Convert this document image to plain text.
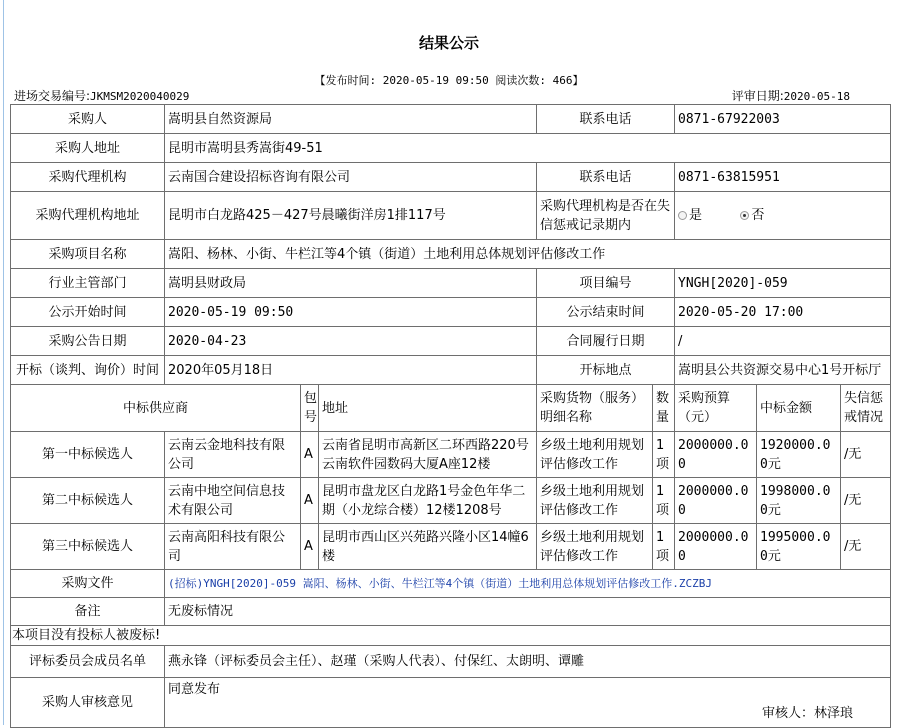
结果公示
【发布时间: 2020-05-19 09:50 阅读次数: 466】
进场交易编号:JKMSM2020040029	评审日期:2020-05-18
采购人	嵩明县自然资源局			联系电话		0871-67922003		
采购人地址	昆明市嵩明县秀嵩街49-51							
采购代理机构	云南国合建设招标咨询有限公司			联系电话		0871-63815951		
采购代理机构地址	昆明市白龙路425－427号晨曦街洋房1排117号			采购代理机构是否在失信惩戒记录期内		是 否		
采购项目名称	嵩阳、杨林、小街、牛栏江等4个镇（街道）土地利用总体规划评估修改工作							
行业主管部门	嵩明县财政局			项目编号		YNGH[2020]-059		
公示开始时间	2020-05-19 09:50			公示结束时间		2020-05-20 17:00		
采购公告日期	2020-04-23			合同履行日期		/		
开标（谈判、询价）时间	2020年05月18日			开标地点		嵩明县公共资源交易中心1号开标厅		
中标供应商		包号	地址	采购货物（服务）明细名称	数量	采购预算（元）	中标金额	失信惩戒情况
第一中标候选人	云南云金地科技有限公司	A	云南省昆明市高新区二环西路220号云南软件园数码大厦A座12楼	乡级土地利用规划评估修改工作	1项	2000000.00	1920000.00元	/无
第二中标候选人	云南中地空间信息技术有限公司	A	昆明市盘龙区白龙路1号金色年华二期（小龙综合楼）12楼1208号	乡级土地利用规划评估修改工作	1项	2000000.00	1998000.00元	/无
第三中标候选人	云南高阳科技有限公司	A	昆明市西山区兴苑路兴隆小区14幢6楼	乡级土地利用规划评估修改工作	1项	2000000.00	1995000.00元	/无
采购文件	(招标)YNGH[2020]-059 嵩阳、杨林、小街、牛栏江等4个镇（街道）土地利用总体规划评估修改工作.ZCZBJ							
备注	无废标情况							
本项目没有投标人被废标!								
评标委员会成员名单	燕永锋（评标委员会主任）、赵瑾（采购人代表）、付保红、太朗明、谭雕							
采购人审核意见	同意发布							
审核人：林泽琅
